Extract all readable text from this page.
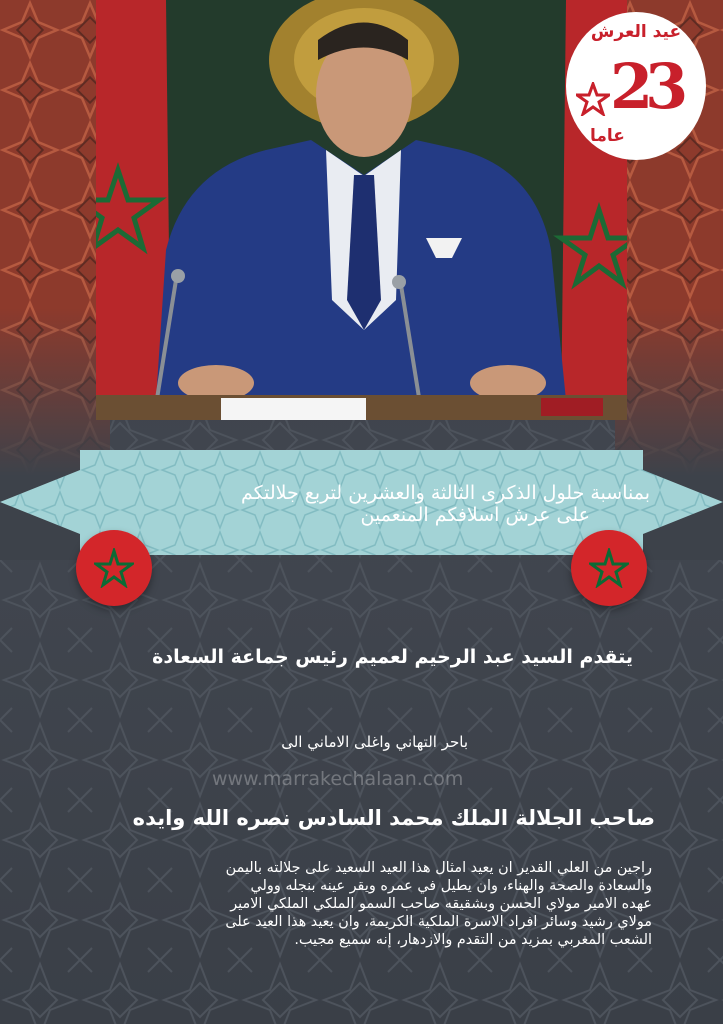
عيد العرش
23
عاما
بمناسبة حلول الذكرى الثالثة والعشرين لتربع جلالتكم
على عرش اسلافكم المنعمين
يتقدم السيد عبد الرحيم لعميم رئيس جماعة السعادة
باحر التهاني واغلى الاماني الى
www.marrakechalaan.com
صاحب الجلالة الملك محمد السادس نصره الله وايده
راجين من العلي القدير ان يعيد امثال هذا العيد السعيد على جلالته باليمن
والسعادة والصحة والهناء، وان يطيل في عمره ويقر عينه بنجله وولي
عهده الامير مولاي الحسن وبشقيقه صاحب السمو الملكي الملكي الامير
مولاي رشيد وسائر افراد الاسرة الملكية الكريمة، وان يعيد هذا العيد على
الشعب المغربي بمزيد من التقدم والازدهار، إنه سميع مجيب.
